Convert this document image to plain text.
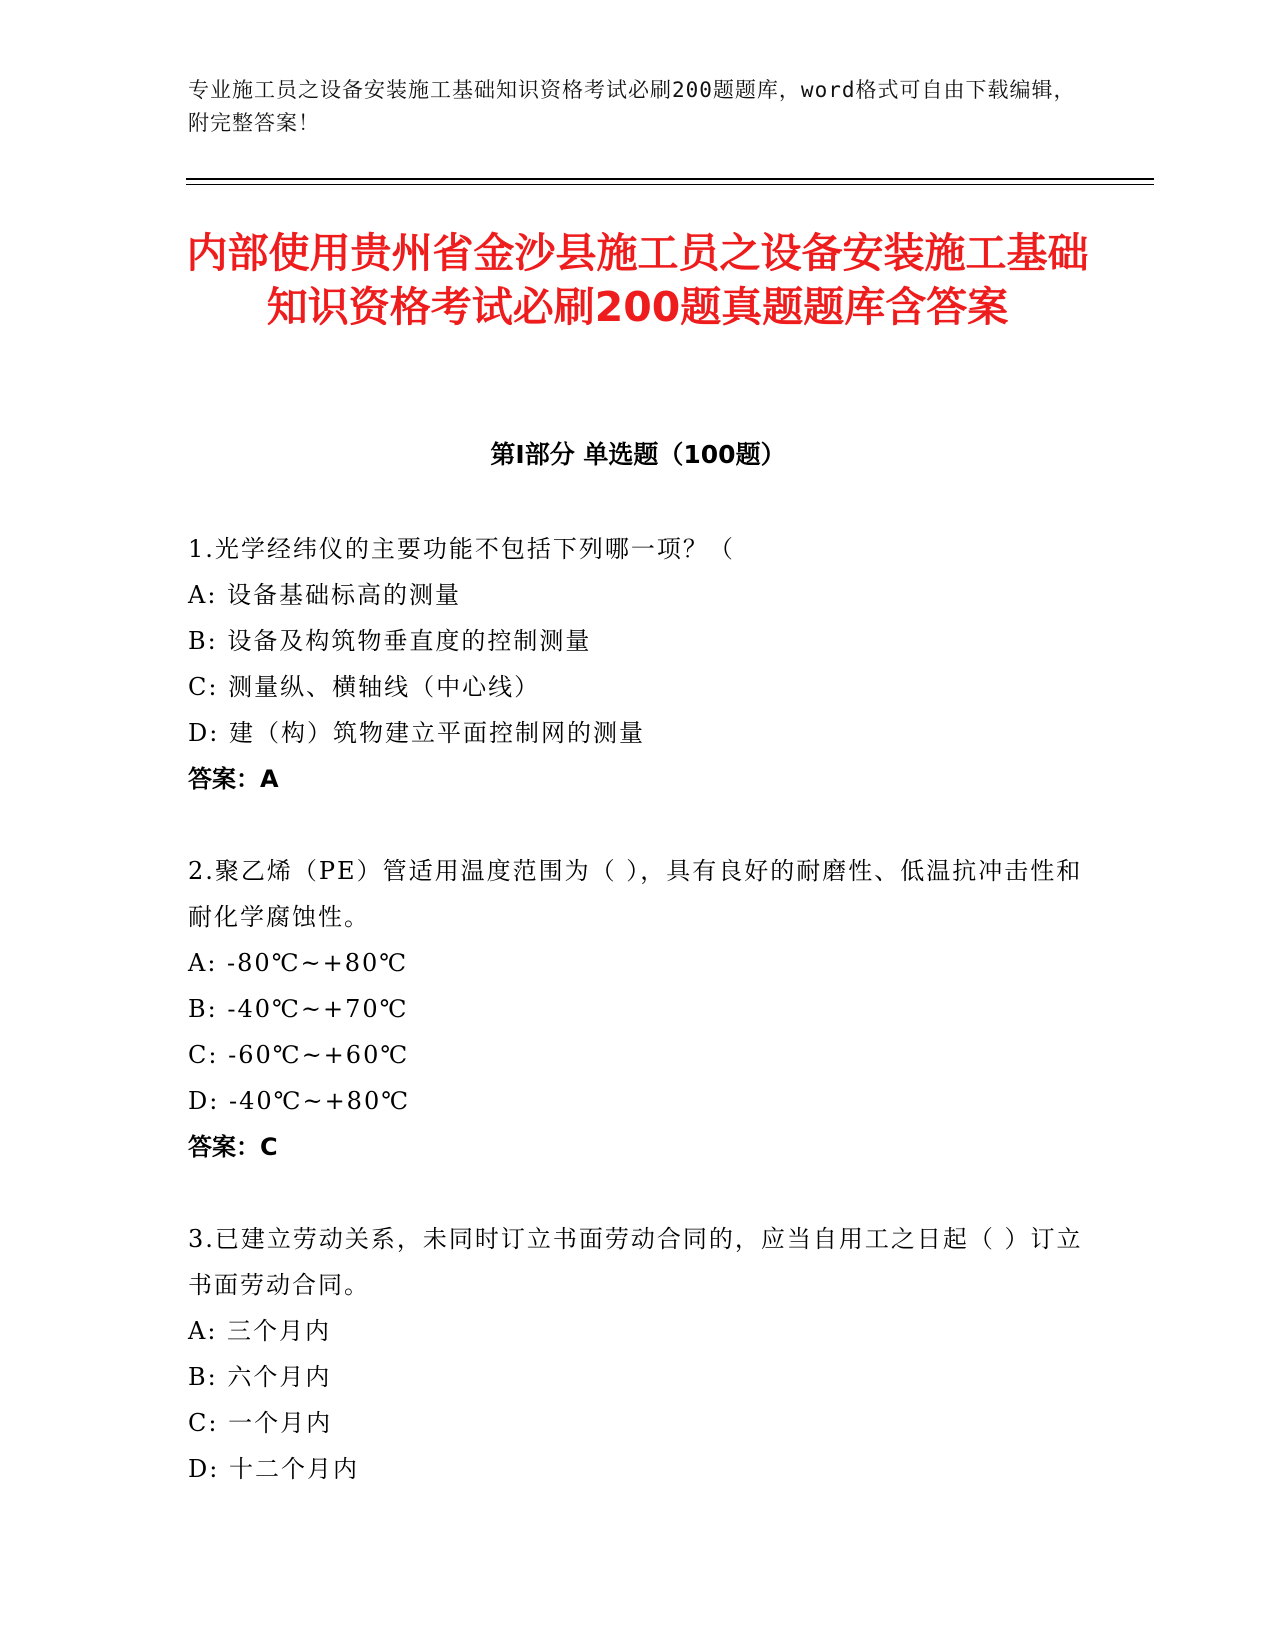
专业施工员之设备安装施工基础知识资格考试必刷200题题库，word格式可自由下载编辑，附完整答案！
内部使用贵州省金沙县施工员之设备安装施工基础知识资格考试必刷200题真题题库含答案
第Ⅰ部分 单选题（100题）

1.光学经纬仪的主要功能不包括下列哪一项？（

A: 设备基础标高的测量

B: 设备及构筑物垂直度的控制测量

C: 测量纵、横轴线（中心线）

D: 建（构）筑物建立平面控制网的测量

答案：A

2.聚乙烯（PE）管适用温度范围为（ ），具有良好的耐磨性、低温抗冲击性和耐化学腐蚀性。

A: -80℃~+80℃

B: -40℃~+70℃

C: -60℃~+60℃

D: -40℃~+80℃

答案：C

3.已建立劳动关系，未同时订立书面劳动合同的，应当自用工之日起（ ）订立书面劳动合同。

A: 三个月内

B: 六个月内

C: 一个月内

D: 十二个月内
